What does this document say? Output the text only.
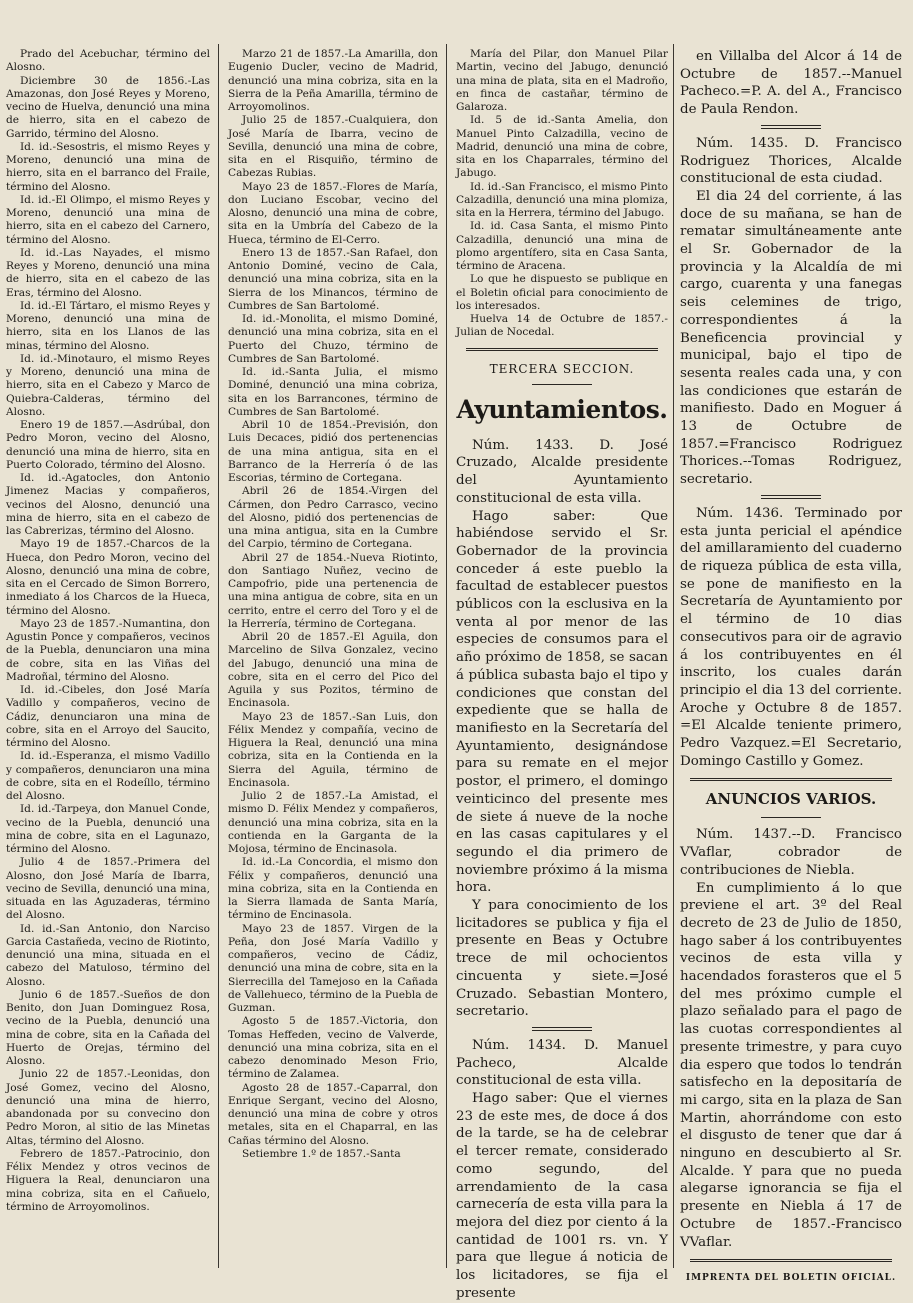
Prado del Acebuchar, término del Alosno.

Diciembre 30 de 1856.-Las Amazonas, don José Reyes y Moreno, vecino de Huelva, denunció una mina de hierro, sita en el cabezo de Garrido, término del Alosno.

Id. id.-Sesostris, el mismo Reyes y Moreno, denunció una mina de hierro, sita en el barranco del Fraile, término del Alosno.

Id. id.-El Olimpo, el mismo Reyes y Moreno, denunció una mina de hierro, sita en el cabezo del Carnero, término del Alosno.

Id. id.-Las Nayades, el mismo Reyes y Moreno, denunció una mina de hierro, sita en el cabezo de las Eras, término del Alosno.

Id. id.-El Tártaro, el mismo Reyes y Moreno, denunció una mina de hierro, sita en los Llanos de las minas, término del Alosno.

Id. id.-Minotauro, el mismo Reyes y Moreno, denunció una mina de hierro, sita en el Cabezo y Marco de Quiebra-Calderas, término del Alosno.

Enero 19 de 1857.—Asdrúbal, don Pedro Moron, vecino del Alosno, denunció una mina de hierro, sita en Puerto Colorado, término del Alosno.

Id. id.-Agatocles, don Antonio Jimenez Macias y compañeros, vecinos del Alosno, denunció una mina de hierro, sita en el cabezo de las Cabrerizas, término del Alosno.

Mayo 19 de 1857.-Charcos de la Hueca, don Pedro Moron, vecino del Alosno, denunció una mina de cobre, sita en el Cercado de Simon Borrero, inmediato á los Charcos de la Hueca, término del Alosno.

Mayo 23 de 1857.-Numantina, don Agustin Ponce y compañeros, vecinos de la Puebla, denunciaron una mina de cobre, sita en las Viñas del Madroñal, término del Alosno.

Id. id.-Cibeles, don José María Vadillo y compañeros, vecino de Cádiz, denunciaron una mina de cobre, sita en el Arroyo del Saucito, término del Alosno.

Id. id.-Esperanza, el mismo Vadillo y compañeros, denunciaron una mina de cobre, sita en el Rodeíllo, término del Alosno.

Id. id.-Tarpeya, don Manuel Conde, vecino de la Puebla, denunció una mina de cobre, sita en el Lagunazo, término del Alosno.

Julio 4 de 1857.-Primera del Alosno, don José María de Ibarra, vecino de Sevilla, denunció una mina, situada en las Aguzaderas, término del Alosno.

Id. id.-San Antonio, don Narciso Garcia Castañeda, vecino de Riotinto, denunció una mina, situada en el cabezo del Matuloso, término del Alosno.

Junio 6 de 1857.-Sueños de don Benito, don Juan Dominguez Rosa, vecino de la Puebla, denunció una mina de cobre, sita en la Cañada del Huerto de Orejas, término del Alosno.

Junio 22 de 1857.-Leonidas, don José Gomez, vecino del Alosno, denunció una mina de hierro, abandonada por su convecino don Pedro Moron, al sitio de las Minetas Altas, término del Alosno.

Febrero de 1857.-Patrocinio, don Félix Mendez y otros vecinos de Higuera la Real, denunciaron una mina cobriza, sita en el Cañuelo, término de Arroyomolinos.

Marzo 21 de 1857.-La Amarilla, don Eugenio Ducler, vecino de Madrid, denunció una mina cobriza, sita en la Sierra de la Peña Amarilla, término de Arroyomolinos.

Julio 25 de 1857.-Cualquiera, don José María de Ibarra, vecino de Sevilla, denunció una mina de cobre, sita en el Risquiño, término de Cabezas Rubias.

Mayo 23 de 1857.-Flores de María, don Luciano Escobar, vecino del Alosno, denunció una mina de cobre, sita en la Umbría del Cabezo de la Hueca, término de El-Cerro.

Enero 13 de 1857.-San Rafael, don Antonio Dominé, vecino de Cala, denunció una mina cobriza, sita en la Sierra de los Minancos, término de Cumbres de San Bartolomé.

Id. id.-Monolita, el mismo Dominé, denunció una mina cobriza, sita en el Puerto del Chuzo, término de Cumbres de San Bartolomé.

Id. id.-Santa Julia, el mismo Dominé, denunció una mina cobriza, sita en los Barrancones, término de Cumbres de San Bartolomé.

Abril 10 de 1854.-Previsión, don Luis Decaces, pidió dos pertenencias de una mina antigua, sita en el Barranco de la Herrería ó de las Escorias, término de Cortegana.

Abril 26 de 1854.-Virgen del Cármen, don Pedro Carrasco, vecino del Alosno, pidió dos pertenencias de una mina antigua, sita en la Cumbre del Carpio, término de Cortegana.

Abril 27 de 1854.-Nueva Riotinto, don Santiago Nuñez, vecino de Campofrio, pide una pertenencia de una mina antigua de cobre, sita en un cerrito, entre el cerro del Toro y el de la Herrería, término de Cortegana.

Abril 20 de 1857.-El Aguila, don Marcelino de Silva Gonzalez, vecino del Jabugo, denunció una mina de cobre, sita en el cerro del Pico del Aguila y sus Pozitos, término de Encinasola.

Mayo 23 de 1857.-San Luis, don Félix Mendez y compañía, vecino de Higuera la Real, denunció una mina cobriza, sita en la Contienda en la Sierra del Aguila, término de Encinasola.

Julio 2 de 1857.-La Amistad, el mismo D. Félix Mendez y compañeros, denunció una mina cobriza, sita en la contienda en la Garganta de la Mojosa, término de Encinasola.

Id. id.-La Concordia, el mismo don Félix y compañeros, denunció una mina cobriza, sita en la Contienda en la Sierra llamada de Santa María, término de Encinasola.

Mayo 23 de 1857. Virgen de la Peña, don José María Vadillo y compañeros, vecino de Cádiz, denunció una mina de cobre, sita en la Sierrecilla del Tamejoso en la Cañada de Vallehueco, término de la Puebla de Guzman.

Agosto 5 de 1857.-Victoria, don Tomas Heffeden, vecino de Valverde, denunció una mina cobriza, sita en el cabezo denominado Meson Frio, término de Zalamea.

Agosto 28 de 1857.-Caparral, don Enrique Sergant, vecino del Alosno, denunció una mina de cobre y otros metales, sita en el Chaparral, en las Cañas término del Alosno.

Setiembre 1.º de 1857.-Santa

María del Pilar, don Manuel Pilar Martin, vecino del Jabugo, denunció una mina de plata, sita en el Madroño, en finca de castañar, término de Galaroza.

Id. 5 de id.-Santa Amelia, don Manuel Pinto Calzadilla, vecino de Madrid, denunció una mina de cobre, sita en los Chaparrales, término del Jabugo.

Id. id.-San Francisco, el mismo Pinto Calzadilla, denunció una mina plomiza, sita en la Herrera, término del Jabugo.

Id. id. Casa Santa, el mismo Pinto Calzadilla, denunció una mina de plomo argentífero, sita en Casa Santa, término de Aracena.

Lo que he dispuesto se publique en el Boletin oficial para conocimiento de los interesados.

Huelva 14 de Octubre de 1857.-Julian de Nocedal.

TERCERA SECCION.
Ayuntamientos.

Núm. 1433. D. José Cruzado, Alcalde presidente del Ayuntamiento constitucional de esta villa.

Hago saber: Que habiéndose servido el Sr. Gobernador de la provincia conceder á este pueblo la facultad de establecer puestos públicos con la esclusiva en la venta al por menor de las especies de consumos para el año próximo de 1858, se sacan á pública subasta bajo el tipo y condiciones que constan del expediente que se halla de manifiesto en la Secretaría del Ayuntamiento, designándose para su remate en el mejor postor, el primero, el domingo veinticinco del presente mes de siete á nueve de la noche en las casas capitulares y el segundo el dia primero de noviembre próximo á la misma hora.

Y para conocimiento de los licitadores se publica y fija el presente en Beas y Octubre trece de mil ochocientos cincuenta y siete.=José Cruzado. Sebastian Montero, secretario.

Núm. 1434. D. Manuel Pacheco, Alcalde constitucional de esta villa.

Hago saber: Que el viernes 23 de este mes, de doce á dos de la tarde, se ha de celebrar el tercer remate, considerado como segundo, del arrendamiento de la casa carnecería de esta villa para la mejora del diez por ciento á la cantidad de 1001 rs. vn. Y para que llegue á noticia de los licitadores, se fija el presente

en Villalba del Alcor á 14 de Octubre de 1857.--Manuel Pacheco.=P. A. del A., Francisco de Paula Rendon.

Núm. 1435. D. Francisco Rodriguez Thorices, Alcalde constitucional de esta ciudad.

El dia 24 del corriente, á las doce de su mañana, se han de rematar simultáneamente ante el Sr. Gobernador de la provincia y la Alcaldía de mi cargo, cuarenta y una fanegas seis celemines de trigo, correspondientes á la Beneficencia provincial y municipal, bajo el tipo de sesenta reales cada una, y con las condiciones que estarán de manifiesto. Dado en Moguer á 13 de Octubre de 1857.=Francisco Rodriguez Thorices.--Tomas Rodriguez, secretario.

Núm. 1436. Terminado por esta junta pericial el apéndice del amillaramiento del cuaderno de riqueza pública de esta villa, se pone de manifiesto en la Secretaría de Ayuntamiento por el término de 10 dias consecutivos para oir de agravio á los contribuyentes en él inscrito, los cuales darán principio el dia 13 del corriente. Aroche y Octubre 8 de 1857. =El Alcalde teniente primero, Pedro Vazquez.=El Secretario, Domingo Castillo y Gomez.

ANUNCIOS VARIOS.

Núm. 1437.--D. Francisco VVaflar, cobrador de contribuciones de Niebla.

En cumplimiento á lo que previene el art. 3º del Real decreto de 23 de Julio de 1850, hago saber á los contribuyentes vecinos de esta villa y hacendados forasteros que el 5 del mes próximo cumple el plazo señalado para el pago de las cuotas correspondientes al presente trimestre, y para cuyo dia espero que todos lo tendrán satisfecho en la depositaría de mi cargo, sita en la plaza de San Martin, ahorrándome con esto el disgusto de tener que dar á ninguno en descubierto al Sr. Alcalde. Y para que no pueda alegarse ignorancia se fija el presente en Niebla á 17 de Octubre de 1857.-Francisco VVaflar.

IMPRENTA DEL BOLETIN OFICIAL.
